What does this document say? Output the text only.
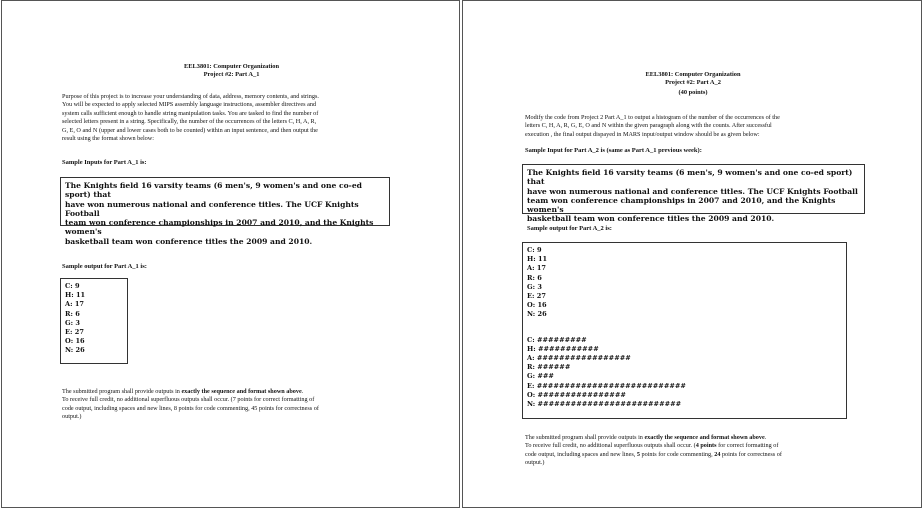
EEL3801: Computer Organization
Project #2: Part A_1
Purpose of this project is to increase your understanding of data, address, memory contents, and strings.
You will be expected to apply selected MIPS assembly language instructions, assembler directives and
system calls sufficient enough to handle string manipulation tasks. You are tasked to find the number of
selected letters present in a string. Specifically, the number of the occurrences of the letters C, H, A, R,
G, E, O and N (upper and lower cases both to be counted) within an input sentence, and then output the
result using the format shown below:
Sample Inputs for Part A_1 is:
The Knights field 16 varsity teams (6 men's, 9 women's and one co-ed sport) that
have won numerous national and conference titles. The UCF Knights Football
team won conference championships in 2007 and 2010, and the Knights women's
basketball team won conference titles the 2009 and 2010.
Sample output for Part A_1 is:
C: 9
H: 11
A: 17
R: 6
G: 3
E: 27
O: 16
N: 26
The submitted program shall provide outputs in exactly the sequence and format shown above.
To receive full credit, no additional superfluous outputs shall occur. (7 points for correct formatting of
code output, including spaces and new lines, 8 points for code commenting, 45 points for correctness of
output.)
EEL3801: Computer Organization
Project #2: Part A_2
(40 points)
Modify the code from Project 2 Part A_1 to output a histogram of the number of the occurrences of the
letters C, H, A, R, G, E, O and N within the given paragraph along with the counts. After successful
execution , the final output dispayed in MARS input/output window should be as given below:
Sample Input for Part A_2 is (same as Part A_1 previous week):
The Knights field 16 varsity teams (6 men's, 9 women's and one co-ed sport) that
have won numerous national and conference titles. The UCF Knights Football
team won conference championships in 2007 and 2010, and the Knights women's
basketball team won conference titles the 2009 and 2010.
Sample output for Part A_2 is:
C: 9
H: 11
A: 17
R: 6
G: 3
E: 27
O: 16
N: 26
C: #########
H: ###########
A: #################
R: ######
G: ###
E: ###########################
O: ################
N: ##########################
The submitted program shall provide outputs in exactly the sequence and format shown above.
To receive full credit, no additional superfluous outputs shall occur. (4 points for correct formatting of
code output, including spaces and new lines, 5 points for code commenting, 24 points for correctness of
output.)
